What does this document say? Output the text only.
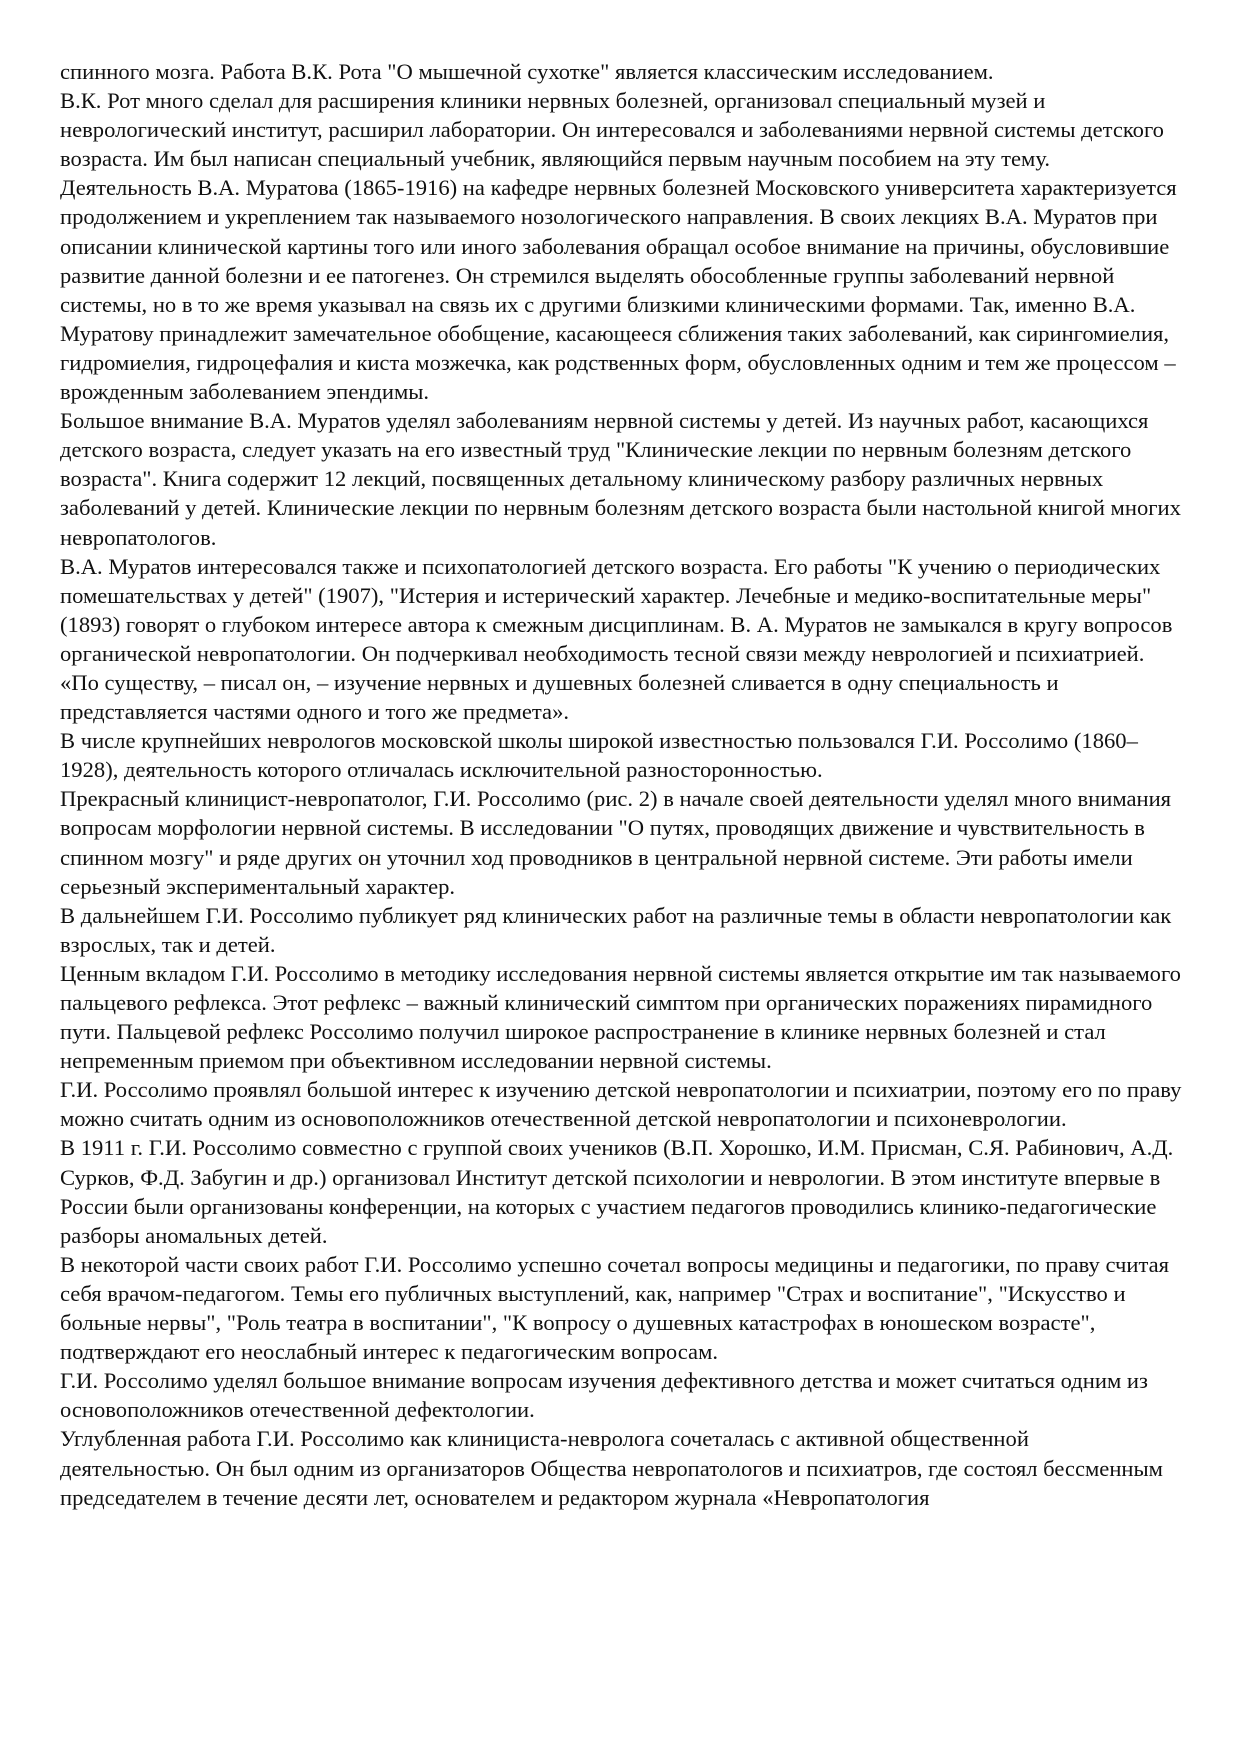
спинного мозга. Работа В.К. Рота "О мышечной сухотке" является классическим исследованием.

В.К. Рот много сделал для расширения клиники нервных болезней, организовал специальный музей и неврологический институт, расширил лаборатории. Он интересовался и заболеваниями нервной системы детского возраста. Им был написан специальный учебник, являющийся первым научным пособием на эту тему.

Деятельность В.А. Муратова (1865-1916) на кафедре нервных болезней Московского университета характеризуется продолжением и укреплением так называемого нозологического направления. В своих лекциях В.А. Муратов при описании клинической картины того или иного заболевания обращал особое внимание на причины, обусловившие развитие данной болезни и ее патогенез. Он стремился выделять обособленные группы заболеваний нервной системы, но в то же время указывал на связь их с другими близкими клиническими формами. Так, именно В.А. Муратову принадлежит замечательное обобщение, касающееся сближения таких заболеваний, как сирингомиелия, гидромиелия, гидроцефалия и киста мозжечка, как родственных форм, обусловленных одним и тем же процессом – врожденным заболеванием эпендимы.

Большое внимание В.А. Муратов уделял заболеваниям нервной системы у детей. Из научных работ, касающихся детского возраста, следует указать на его известный труд "Клинические лекции по нервным болезням детского возраста". Книга содержит 12 лекций, посвященных детальному клиническому разбору различных нервных заболеваний у детей. Клинические лекции по нервным болезням детского возраста были настольной книгой многих невропатологов.

В.А. Муратов интересовался также и психопатологией детского возраста. Его работы "К учению о периодических помешательствах у детей" (1907), "Истерия и истерический характер. Лечебные и медико-воспитательные меры" (1893) говорят о глубоком интересе автора к смежным дисциплинам. В. А. Муратов не замыкался в кругу вопросов органической невропатологии. Он подчеркивал необходимость тесной связи между неврологией и психиатрией. «По существу, – писал он, – изучение нервных и душевных болезней сливается в одну специальность и представляется частями одного и того же предмета».

В числе крупнейших неврологов московской школы широкой известностью пользовался Г.И. Россолимо (1860–1928), деятельность которого отличалась исключительной разносторонностью.

Прекрасный клиницист-невропатолог, Г.И. Россолимо (рис. 2) в начале своей деятельности уделял много внимания вопросам морфологии нервной системы. В исследовании "О путях, проводящих движение и чувствительность в спинном мозгу" и ряде других он уточнил ход проводников в центральной нервной системе. Эти работы имели серьезный экспериментальный характер.

В дальнейшем Г.И. Россолимо публикует ряд клинических работ на различные темы в области невропатологии как взрослых, так и детей.

Ценным вкладом Г.И. Россолимо в методику исследования нервной системы является открытие им так называемого пальцевого рефлекса. Этот рефлекс – важный клинический симптом при органических поражениях пирамидного пути. Пальцевой рефлекс Россолимо получил широкое распространение в клинике нервных болезней и стал непременным приемом при объективном исследовании нервной системы.

Г.И. Россолимо проявлял большой интерес к изучению детской невропатологии и психиатрии, поэтому его по праву можно считать одним из основоположников отечественной детской невропатологии и психоневрологии.

В 1911 г. Г.И. Россолимо совместно с группой своих учеников (В.П. Хорошко, И.М. Присман, С.Я. Рабинович, А.Д. Сурков, Ф.Д. Забугин и др.) организовал Институт детской психологии и неврологии. В этом институте впервые в России были организованы конференции, на которых с участием педагогов проводились клинико-педагогические разборы аномальных детей.

В некоторой части своих работ Г.И. Россолимо успешно сочетал вопросы медицины и педагогики, по праву считая себя врачом-педагогом. Темы его публичных выступлений, как, например "Страх и воспитание", "Искусство и больные нервы", "Роль театра в воспитании", "К вопросу о душевных катастрофах в юношеском возрасте", подтверждают его неослабный интерес к педагогическим вопросам.

Г.И. Россолимо уделял большое внимание вопросам изучения дефективного детства и может считаться одним из основоположников отечественной дефектологии.

Углубленная работа Г.И. Россолимо как клинициста-невролога сочеталась с активной общественной деятельностью. Он был одним из организаторов Общества невропатологов и психиатров, где состоял бессменным председателем в течение десяти лет, основателем и редактором журнала «Невропатология
